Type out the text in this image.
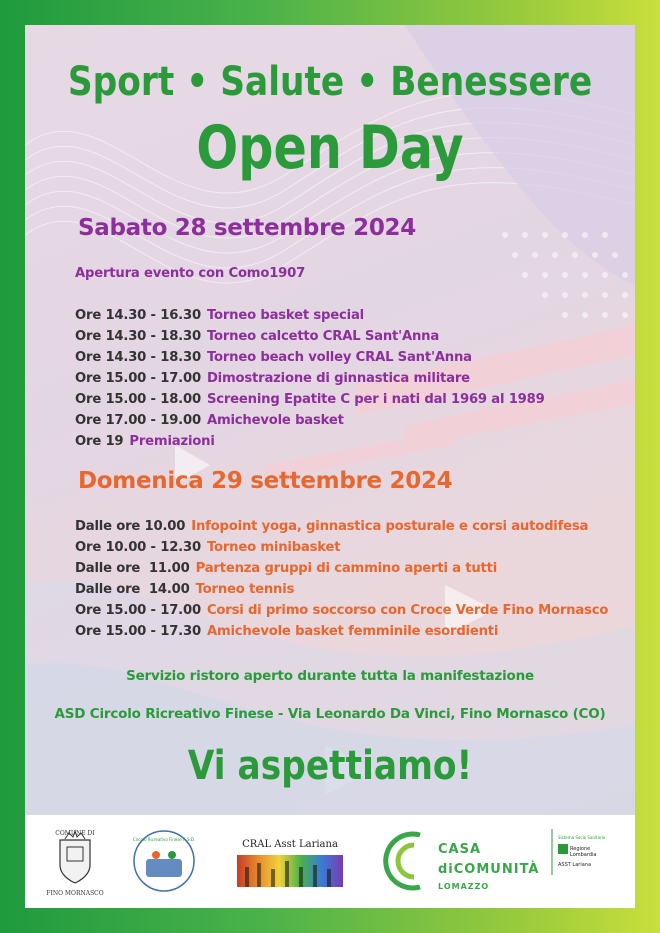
Sport • Salute • Benessere
Open Day
Sabato 28 settembre 2024
Apertura evento con Como1907
Ore 14.30 - 16.30 Torneo basket special
Ore 14.30 - 18.30 Torneo calcetto CRAL Sant'Anna
Ore 14.30 - 18.30 Torneo beach volley CRAL Sant'Anna
Ore 15.00 - 17.00 Dimostrazione di ginnastica militare
Ore 15.00 - 18.00 Screening Epatite C per i nati dal 1969 al 1989
Ore 17.00 - 19.00 Amichevole basket
Ore 19 Premiazioni
Domenica 29 settembre 2024
Dalle ore 10.00 Infopoint yoga, ginnastica posturale e corsi autodifesa
Ore 10.00 - 12.30 Torneo minibasket
Dalle ore  11.00 Partenza gruppi di cammino aperti a tutti
Dalle ore  14.00 Torneo tennis
Ore 15.00 - 17.00 Corsi di primo soccorso con Croce Verde Fino Mornasco
Ore 15.00 - 17.30 Amichevole basket femminile esordienti
Servizio ristoro aperto durante tutta la manifestazione
ASD Circolo Ricreativo Finese - Via Leonardo Da Vinci, Fino Mornasco (CO)
Vi aspettiamo!
COMUNE DI
FINO MORNASCO
Circolo Ricreativo Finese A.S.D.	CRAL Asst Lariana	CASA
diCOMUNITÀ
LOMAZZO
Sistema Socio Sanitario
Regione
Lombardia
ASST Lariana
